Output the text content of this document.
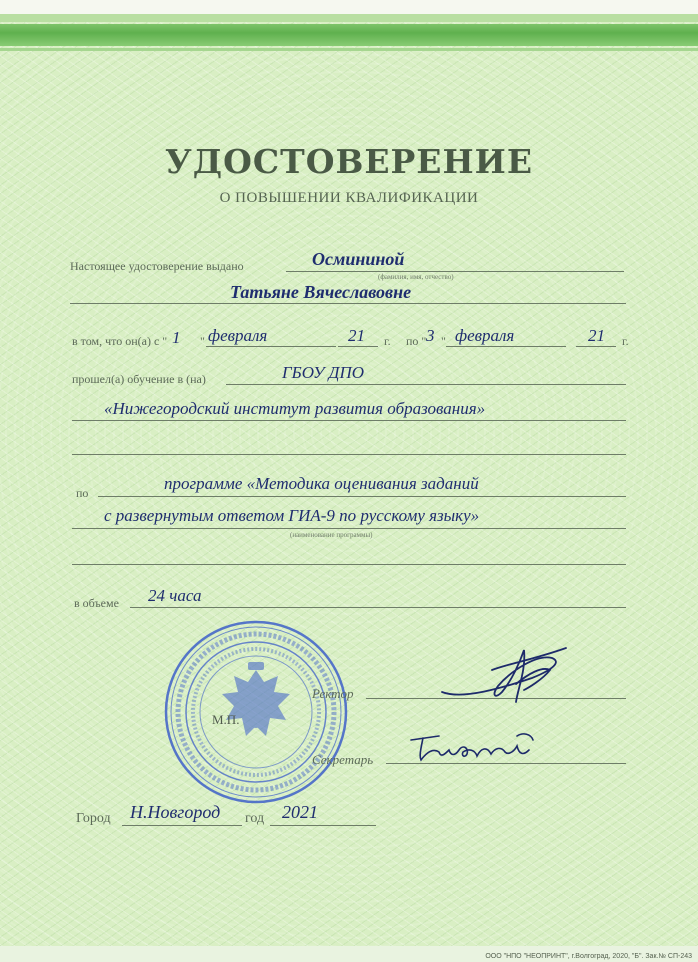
УДОСТОВЕРЕНИЕ
О ПОВЫШЕНИИ КВАЛИФИКАЦИИ
Настоящее удостоверение выдано	Осмининой
(фамилия, имя, отчество)
Татьяне Вячеславовне
в том, что он(а) с " 1 " февраля	21 г. по " 3 " февраля	21 г.
прошел(а) обучение в (на)	ГБОУ ДПО
«Нижегородский институт развития образования»
по	программе «Методика оценивания заданий
с развернутым ответом ГИА-9 по русскому языку»
(наименование программы)
в объеме 24 часа
М.П.
Ректор
Секретарь
Город Н.Новгород год 2021
ООО "НПО "НЕОПРИНТ", г.Волгоград, 2020, "Б". Зак.№ СП-243
